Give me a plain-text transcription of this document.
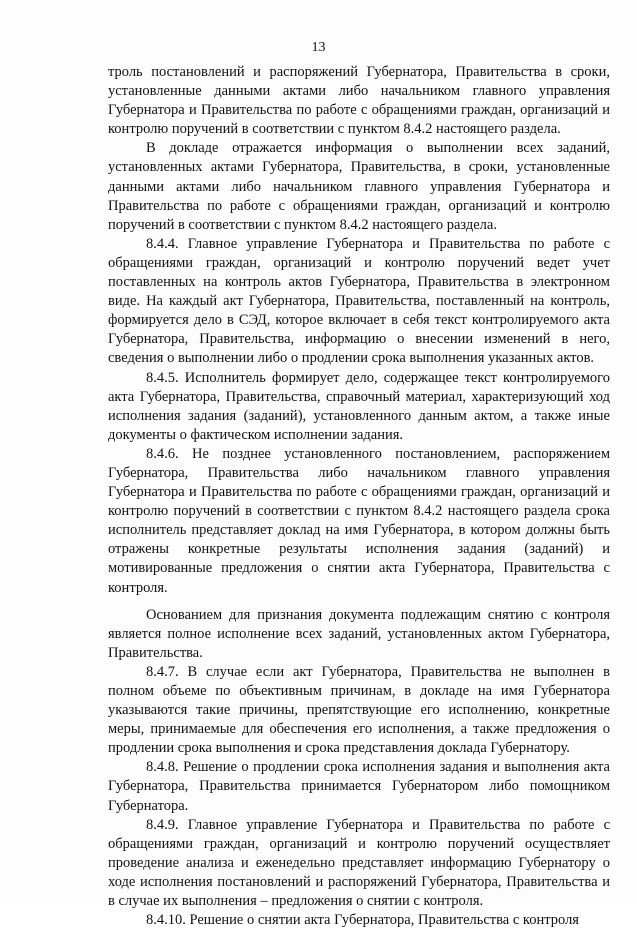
13

троль постановлений и распоряжений Губернатора, Правительства в сроки, установленные данными актами либо начальником главного управления Губернатора и Правительства по работе с обращениями граждан, организаций и контролю поручений в соответствии с пунктом 8.4.2 настоящего раздела.

В докладе отражается информация о выполнении всех заданий, установленных актами Губернатора, Правительства, в сроки, установленные данными актами либо начальником главного управления Губернатора и Правительства по работе с обращениями граждан, организаций и контролю поручений в соответствии с пунктом 8.4.2 настоящего раздела.

8.4.4. Главное управление Губернатора и Правительства по работе с обращениями граждан, организаций и контролю поручений ведет учет поставленных на контроль актов Губернатора, Правительства в электронном виде. На каждый акт Губернатора, Правительства, поставленный на контроль, формируется дело в СЭД, которое включает в себя текст контролируемого акта Губернатора, Правительства, информацию о внесении изменений в него, сведения о выполнении либо о продлении срока выполнения указанных актов.

8.4.5. Исполнитель формирует дело, содержащее текст контролируемого акта Губернатора, Правительства, справочный материал, характеризующий ход исполнения задания (заданий), установленного данным актом, а также иные документы о фактическом исполнении задания.

8.4.6. Не позднее установленного постановлением, распоряжением Губернатора, Правительства либо начальником главного управления Губернатора и Правительства по работе с обращениями граждан, организаций и контролю поручений в соответствии с пунктом 8.4.2 настоящего раздела срока исполнитель представляет доклад на имя Губернатора, в котором должны быть отражены конкретные результаты исполнения задания (заданий) и мотивированные предложения о снятии акта Губернатора, Правительства с контроля.

Основанием для признания документа подлежащим снятию с контроля является полное исполнение всех заданий, установленных актом Губернатора, Правительства.

8.4.7. В случае если акт Губернатора, Правительства не выполнен в полном объеме по объективным причинам, в докладе на имя Губернатора указываются такие причины, препятствующие его исполнению, конкретные меры, принимаемые для обеспечения его исполнения, а также предложения о продлении срока выполнения и срока представления доклада Губернатору.

8.4.8. Решение о продлении срока исполнения задания и выполнения акта Губернатора, Правительства принимается Губернатором либо помощником Губернатора.

8.4.9. Главное управление Губернатора и Правительства по работе с обращениями граждан, организаций и контролю поручений осуществляет проведение анализа и еженедельно представляет информацию Губернатору о ходе исполнения постановлений и распоряжений Губернатора, Правительства и в случае их выполнения – предложения о снятии с контроля.

8.4.10. Решение о снятии акта Губернатора, Правительства с контроля
